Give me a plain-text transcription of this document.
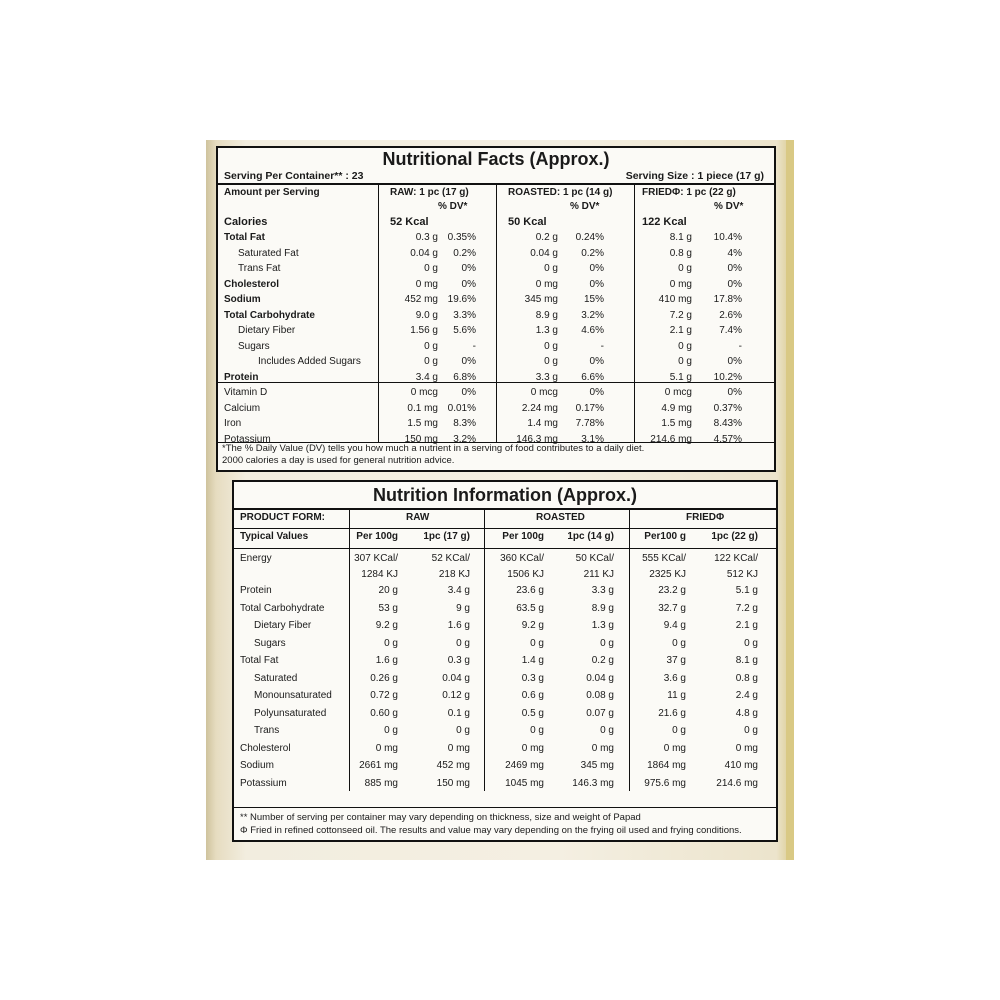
Nutritional Facts (Approx.)
Serving Per Container** : 23	Serving Size : 1 piece (17 g)
Amount per Serving	RAW: 1 pc (17 g)
% DV*
ROASTED: 1 pc (14 g)
% DV*
FRIEDΦ: 1 pc (22 g)
% DV*
Calories	52 Kcal	50 Kcal	122 Kcal
Total Fat	0.3 g 0.35%	0.2 g 0.24%	8.1 g 10.4%
Saturated Fat	0.04 g 0.2%	0.04 g 0.2%	0.8 g	4%
Trans Fat	0 g 0%	0 g	0%	0 g	0%
Cholesterol	0 mg 0%	0 mg	0%	0 mg	0%
Sodium	452 mg 19.6%	345 mg	15%	410 mg 17.8%
Total Carbohydrate	9.0 g 3.3%	8.9 g 3.2%	7.2 g	2.6%
Dietary Fiber	1.56 g 5.6%	1.3 g 4.6%	2.1 g	7.4%
Sugars	0 g	-	0 g	-	0 g	-
Includes Added Sugars	0 g 0%	0 g	0%	0 g	0%
Protein	3.4 g 6.8%	3.3 g 6.6%	5.1 g 10.2%
Vitamin D	0 mcg 0%	0 mcg	0%	0 mcg	0%
Calcium	0.1 mg 0.01%	2.24 mg 0.17%	4.9 mg 0.37%
Iron	1.5 mg 8.3%	1.4 mg 7.78%	1.5 mg 8.43%
Potassium	150 mg 3.2%	146.3 mg 3.1%	214.6 mg 4.57%
*The % Daily Value (DV) tells you how much a nutrient in a serving of food contributes to a daily diet.
2000 calories a day is used for general nutrition advice.
Nutrition Information (Approx.)
PRODUCT FORM:	RAW	ROASTED	FRIEDΦ
Typical Values	Per 100g	1pc (17 g)	Per 100g 1pc (14 g)	Per100 g	1pc (22 g)
Energy	307 KCal/	52 KCal/	360 KCal/	50 KCal/	555 KCal/	122 KCal/
1284 KJ	218 KJ	1506 KJ	211 KJ	2325 KJ	512 KJ
Protein	20 g	3.4 g	23.6 g	3.3 g	23.2 g	5.1 g
Total Carbohydrate	53 g	9 g	63.5 g	8.9 g	32.7 g	7.2 g
Dietary Fiber	9.2 g	1.6 g	9.2 g	1.3 g	9.4 g	2.1 g
Sugars	0 g	0 g	0 g	0 g	0 g	0 g
Total Fat	1.6 g	0.3 g	1.4 g	0.2 g	37 g	8.1 g
Saturated	0.26 g	0.04 g	0.3 g	0.04 g	3.6 g	0.8 g
Monounsaturated	0.72 g	0.12 g	0.6 g	0.08 g	11 g	2.4 g
Polyunsaturated	0.60 g	0.1 g	0.5 g	0.07 g	21.6 g	4.8 g
Trans	0 g	0 g	0 g	0 g	0 g	0 g
Cholesterol	0 mg	0 mg	0 mg	0 mg	0 mg	0 mg
Sodium	2661 mg	452 mg	2469 mg	345 mg	1864 mg	410 mg
Potassium	885 mg	150 mg	1045 mg	146.3 mg	975.6 mg	214.6 mg
** Number of serving per container may vary depending on thickness, size and weight of Papad
Φ Fried in refined cottonseed oil. The results and value may vary depending on the frying oil used and frying conditions.
